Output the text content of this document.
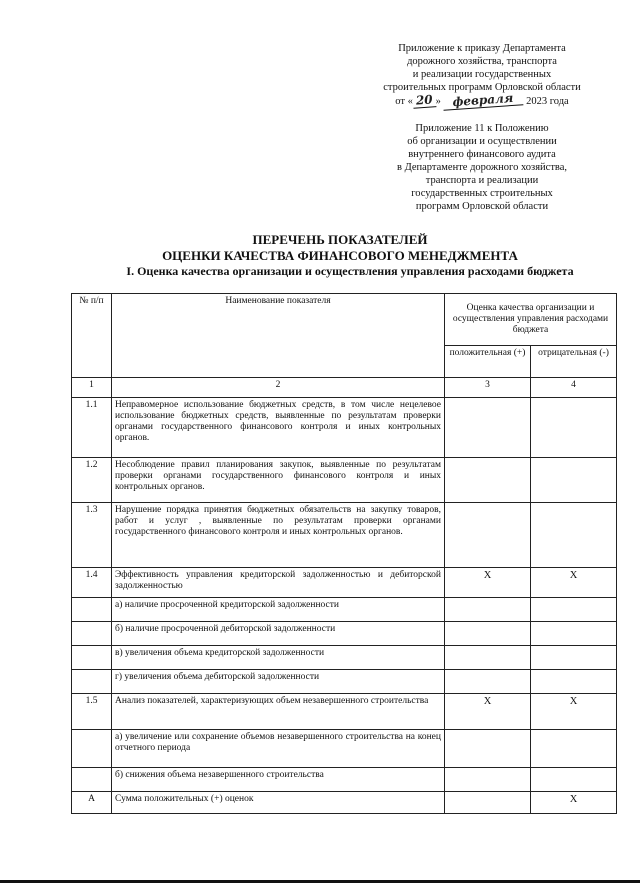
Приложение к приказу Департамента
дорожного хозяйства, транспорта
и реализации государственных
строительных программ Орловской области
от « 20 » февраля 2023 года
Приложение 11 к Положению
об организации и осуществлении
внутреннего финансового аудита
в Департаменте дорожного хозяйства,
транспорта и реализации
государственных строительных
программ Орловской области
ПЕРЕЧЕНЬ ПОКАЗАТЕЛЕЙ
ОЦЕНКИ КАЧЕСТВА ФИНАНСОВОГО МЕНЕДЖМЕНТА
I. Оценка качества организации и осуществления управления расходами бюджета
№ п/п	Наименование показателя	Оценка качества организации и осуществления управления расходами бюджета	
		положительная (+)	отрицательная (-)
1	2	3	4
1.1	Неправомерное использование бюджетных средств, в том числе нецелевое использование бюджетных средств, выявленные по результатам проверки органами государственного финансового контроля и иных контрольных органов.		
1.2	Несоблюдение правил планирования закупок, выявленные по результатам проверки органами государственного финансового контроля и иных контрольных органов.		
1.3	Нарушение порядка принятия бюджетных обязательств на закупку товаров, работ и услуг , выявленные по результатам проверки органами государственного финансового контроля и иных контрольных органов.		
1.4	Эффективность управления кредиторской задолженностью и дебиторской задолженностью	Х	Х
	а) наличие просроченной кредиторской задолженности		
	б) наличие просроченной дебиторской задолженности		
	в) увеличения объема кредиторской задолженности		
	г) увеличения объема дебиторской задолженности		
1.5	Анализ показателей, характеризующих объем незавершенного строительства	Х	Х
	а) увеличение или сохранение объемов незавершенного строительства на конец отчетного периода		
	б) снижения объема незавершенного строительства		
А	Сумма положительных (+) оценок		Х
